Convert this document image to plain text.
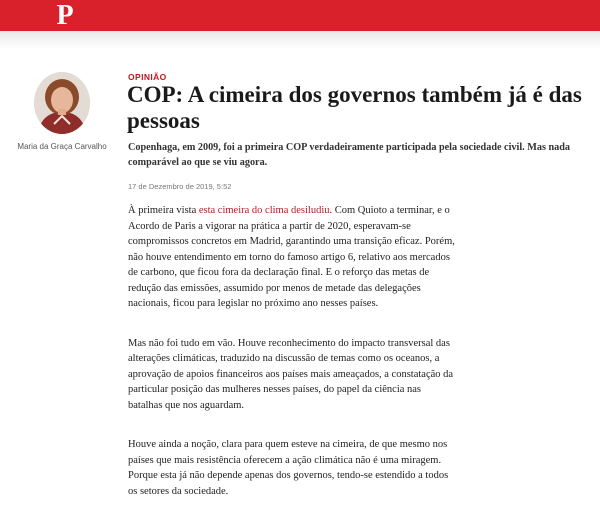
P
Maria da Graça Carvalho
OPINIÃO
COP: A cimeira dos governos também já é das
pessoas
Copenhaga, em 2009, foi a primeira COP verdadeiramente participada pela sociedade civil. Mas nada
comparável ao que se viu agora.
17 de Dezembro de 2019, 5:52

À primeira vista esta cimeira do clima desiludiu. Com Quioto a terminar, e o
Acordo de Paris a vigorar na prática a partir de 2020, esperavam-se
compromissos concretos em Madrid, garantindo uma transição eficaz. Porém,
não houve entendimento em torno do famoso artigo 6, relativo aos mercados
de carbono, que ficou fora da declaração final. E o reforço das metas de
redução das emissões, assumido por menos de metade das delegações
nacionais, ficou para legislar no próximo ano nesses países.

Mas não foi tudo em vão. Houve reconhecimento do impacto transversal das
alterações climáticas, traduzido na discussão de temas como os oceanos, a
aprovação de apoios financeiros aos países mais ameaçados, a constatação da
particular posição das mulheres nesses países, do papel da ciência nas
batalhas que nos aguardam.

Houve ainda a noção, clara para quem esteve na cimeira, de que mesmo nos
países que mais resistência oferecem a ação climática não é uma miragem.
Porque esta já não depende apenas dos governos, tendo-se estendido a todos
os setores da sociedade.
